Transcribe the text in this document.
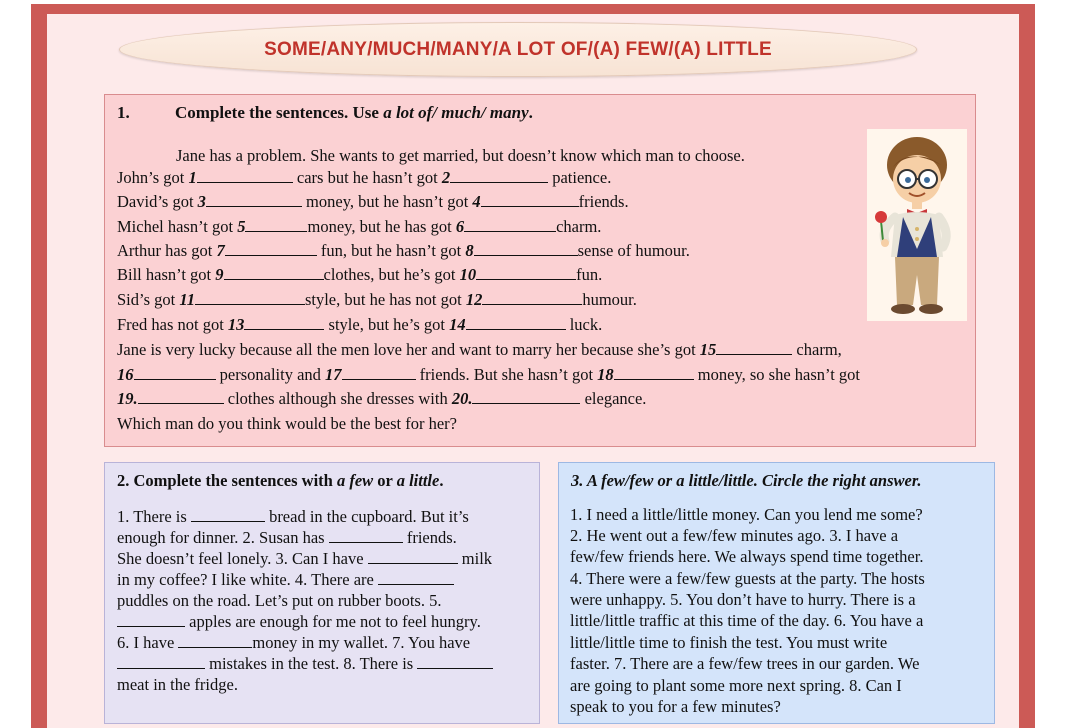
SOME/ANY/MUCH/MANY/A LOT OF/(A) FEW/(A) LITTLE
1.	Complete the sentences. Use a lot of/ much/ many.
Jane has a problem. She wants to get married, but doesn’t know which man to choose.
John’s got 1	cars but he hasn’t got 2	patience.
David’s got 3	money, but he hasn’t got 4	friends.
Michel hasn’t got 5	money, but he has got 6	charm.
Arthur has got 7	fun, but he hasn’t got 8	sense of humour.
Bill hasn’t got 9	clothes, but he’s got 10	fun.
Sid’s got 11	style, but he has not got 12	humour.
Fred has not got 13	style, but he’s got 14	luck.
Jane is very lucky because all the men love her and want to marry her because she’s got 15	charm,
16	personality and 17	friends. But she hasn’t got 18	money, so she hasn’t got
19.	clothes although she dresses with 20.	elegance.
Which man do you think would be the best for her?
2. Complete the sentences with a few or a little.
1. There is	bread in the cupboard. But it’s
enough for dinner. 2. Susan has	friends.
She doesn’t feel lonely. 3. Can I have	milk
in my coffee? I like white. 4. There are
puddles on the road. Let’s put on rubber boots. 5.
apples are enough for me not to feel hungry.
6. I have	money in my wallet. 7. You have
mistakes in the test. 8. There is
meat in the fridge.
3. A few/few or a little/little. Circle the right answer.
1. I need a little/little money. Can you lend me some?
2. He went out a few/few minutes ago. 3. I have a
few/few friends here. We always spend time together.
4. There were a few/few guests at the party. The hosts
were unhappy. 5. You don’t have to hurry. There is a
little/little traffic at this time of the day. 6. You have a
little/little time to finish the test. You must write
faster. 7. There are a few/few trees in our garden. We
are going to plant some more next spring. 8. Can I
speak to you for a few minutes?
